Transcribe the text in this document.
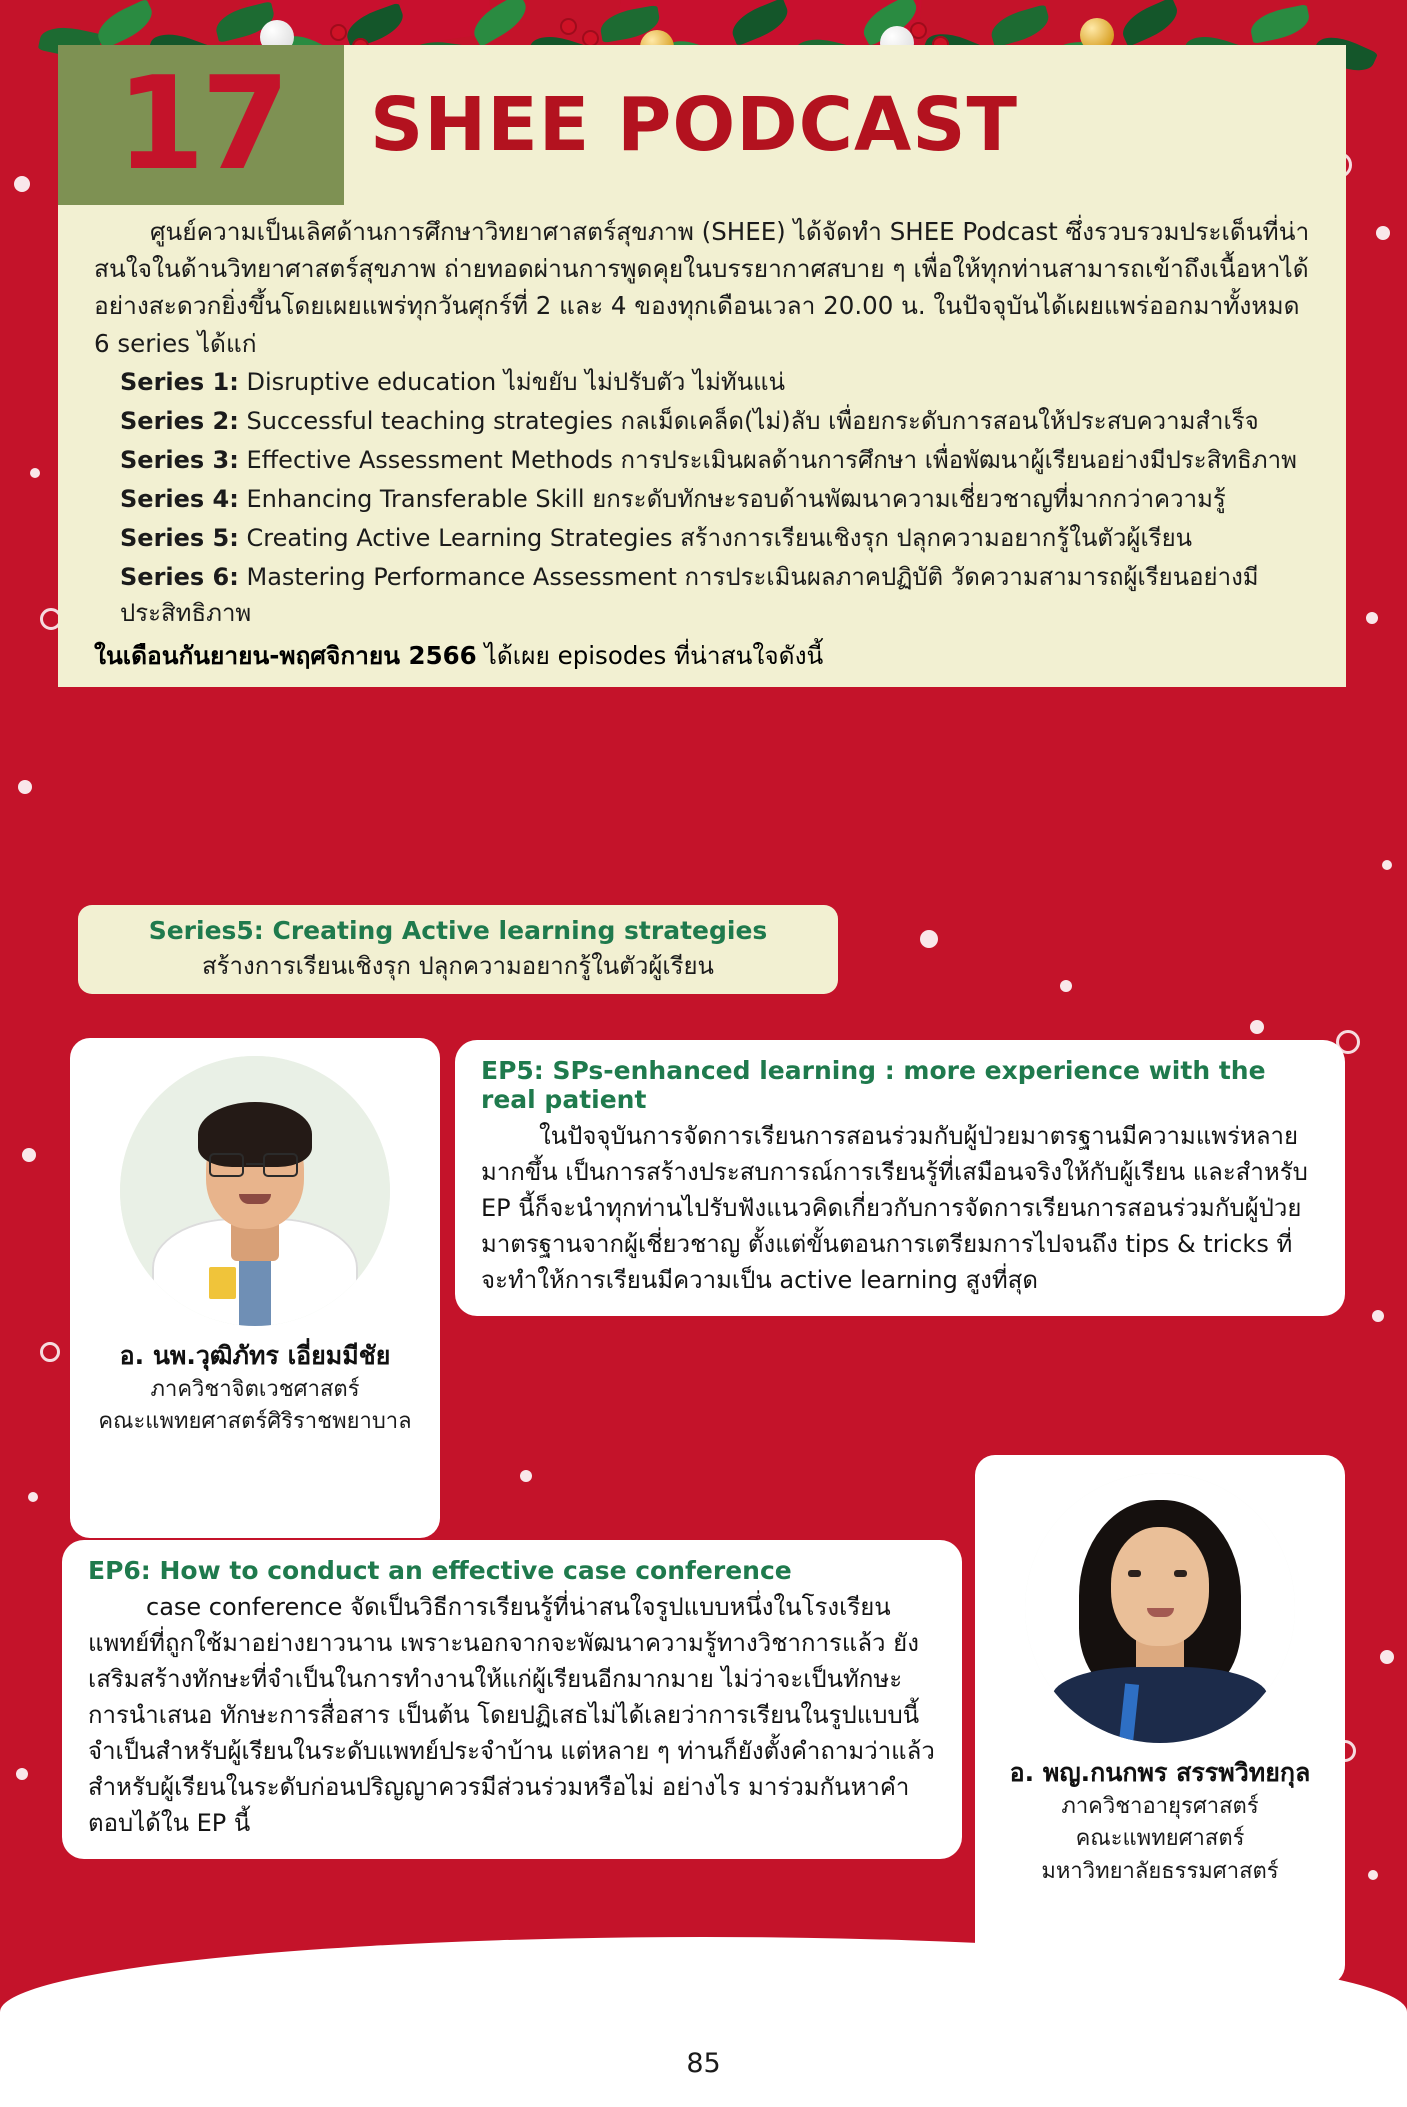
17	SHEE PODCAST

ศูนย์ความเป็นเลิศด้านการศึกษาวิทยาศาสตร์สุขภาพ (SHEE) ได้จัดทำ SHEE Podcast ซึ่งรวบรวมประเด็นที่น่าสนใจในด้านวิทยาศาสตร์สุขภาพ ถ่ายทอดผ่านการพูดคุยในบรรยากาศสบาย ๆ เพื่อให้ทุกท่านสามารถเข้าถึงเนื้อหาได้อย่างสะดวกยิ่งขึ้นโดยเผยแพร่ทุกวันศุกร์ที่ 2 และ 4 ของทุกเดือนเวลา 20.00 น. ในปัจจุบันได้เผยแพร่ออกมาทั้งหมด 6 series ได้แก่

Series 1: Disruptive education ไม่ขยับ ไม่ปรับตัว ไม่ทันแน่
Series 2: Successful teaching strategies กลเม็ดเคล็ด(ไม่)ลับ เพื่อยกระดับการสอนให้ประสบความสำเร็จ
Series 3: Effective Assessment Methods การประเมินผลด้านการศึกษา เพื่อพัฒนาผู้เรียนอย่างมีประสิทธิภาพ
Series 4: Enhancing Transferable Skill ยกระดับทักษะรอบด้านพัฒนาความเชี่ยวชาญที่มากกว่าความรู้
Series 5: Creating Active Learning Strategies สร้างการเรียนเชิงรุก ปลุกความอยากรู้ในตัวผู้เรียน
Series 6: Mastering Performance Assessment การประเมินผลภาคปฏิบัติ วัดความสามารถผู้เรียนอย่างมีประสิทธิภาพ
ในเดือนกันยายน-พฤศจิกายน 2566 ได้เผย episodes ที่น่าสนใจดังนี้
Series5: Creating Active learning strategies
สร้างการเรียนเชิงรุก ปลุกความอยากรู้ในตัวผู้เรียน
อ. นพ.วุฒิภัทร เอี่ยมมีชัย
ภาควิชาจิตเวชศาสตร์
คณะแพทยศาสตร์ศิริราชพยาบาล
EP5: SPs-enhanced learning : more experience with the real patient

ในปัจจุบันการจัดการเรียนการสอนร่วมกับผู้ป่วยมาตรฐานมีความแพร่หลายมากขึ้น เป็นการสร้างประสบการณ์การเรียนรู้ที่เสมือนจริงให้กับผู้เรียน และสำหรับ EP นี้ก็จะนำทุกท่านไปรับฟังแนวคิดเกี่ยวกับการจัดการเรียนการสอนร่วมกับผู้ป่วยมาตรฐานจากผู้เชี่ยวชาญ ตั้งแต่ขั้นตอนการเตรียมการไปจนถึง tips & tricks ที่จะทำให้การเรียนมีความเป็น active learning สูงที่สุด

EP6: How to conduct an effective case conference

case conference จัดเป็นวิธีการเรียนรู้ที่น่าสนใจรูปแบบหนึ่งในโรงเรียนแพทย์ที่ถูกใช้มาอย่างยาวนาน เพราะนอกจากจะพัฒนาความรู้ทางวิชาการแล้ว ยังเสริมสร้างทักษะที่จำเป็นในการทำงานให้แก่ผู้เรียนอีกมากมาย ไม่ว่าจะเป็นทักษะการนำเสนอ ทักษะการสื่อสาร เป็นต้น โดยปฏิเสธไม่ได้เลยว่าการเรียนในรูปแบบนี้จำเป็นสำหรับผู้เรียนในระดับแพทย์ประจำบ้าน แต่หลาย ๆ ท่านก็ยังตั้งคำถามว่าแล้วสำหรับผู้เรียนในระดับก่อนปริญญาควรมีส่วนร่วมหรือไม่ อย่างไร มาร่วมกันหาคำตอบได้ใน EP นี้

อ. พญ.กนกพร สรรพวิทยกุล
ภาควิชาอายุรศาสตร์
คณะแพทยศาสตร์
มหาวิทยาลัยธรรมศาสตร์
85
